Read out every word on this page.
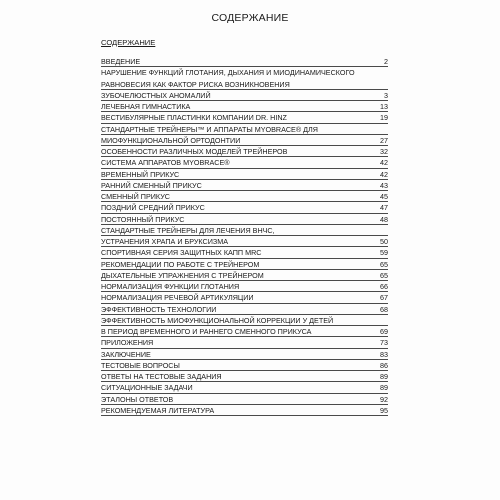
СОДЕРЖАНИЕ
СОДЕРЖАНИЕ
ВВЕДЕНИЕ	2
НАРУШЕНИЕ ФУНКЦИЙ ГЛОТАНИЯ, ДЫХАНИЯ И МИОДИНАМИЧЕСКОГО
РАВНОВЕСИЯ КАК ФАКТОР РИСКА ВОЗНИКНОВЕНИЯ
ЗУБОЧЕЛЮСТНЫХ АНОМАЛИЙ	3
ЛЕЧЕБНАЯ ГИМНАСТИКА	13
ВЕСТИБУЛЯРНЫЕ ПЛАСТИНКИ КОМПАНИИ DR. HINZ	19
СТАНДАРТНЫЕ ТРЕЙНЕРЫ™ И АППАРАТЫ MYOBRACE® ДЛЯ
МИОФУНКЦИОНАЛЬНОЙ ОРТОДОНТИИ	27
ОСОБЕННОСТИ РАЗЛИЧНЫХ МОДЕЛЕЙ ТРЕЙНЕРОВ	32
СИСТЕМА АППАРАТОВ MYOBRACE®	42
ВРЕМЕННЫЙ ПРИКУС	42
РАННИЙ СМЕННЫЙ ПРИКУС	43
СМЕННЫЙ ПРИКУС	45
ПОЗДНИЙ СРЕДНИЙ ПРИКУС	47
ПОСТОЯННЫЙ ПРИКУС	48
СТАНДАРТНЫЕ ТРЕЙНЕРЫ ДЛЯ ЛЕЧЕНИЯ ВНЧС,
УСТРАНЕНИЯ ХРАПА И БРУКСИЗМА	50
СПОРТИВНАЯ СЕРИЯ ЗАЩИТНЫХ КАПП MRC	59
РЕКОМЕНДАЦИИ ПО РАБОТЕ С ТРЕЙНЕРОМ	65
ДЫХАТЕЛЬНЫЕ УПРАЖНЕНИЯ С ТРЕЙНЕРОМ	65
НОРМАЛИЗАЦИЯ ФУНКЦИИ ГЛОТАНИЯ	66
НОРМАЛИЗАЦИЯ РЕЧЕВОЙ АРТИКУЛЯЦИИ	67
ЭФФЕКТИВНОСТЬ ТЕХНОЛОГИИ	68
ЭФФЕКТИВНОСТЬ МИОФУНКЦИОНАЛЬНОЙ КОРРЕКЦИИ У ДЕТЕЙ
В ПЕРИОД ВРЕМЕННОГО И РАННЕГО СМЕННОГО ПРИКУСА	69
ПРИЛОЖЕНИЯ	73
ЗАКЛЮЧЕНИЕ	83
ТЕСТОВЫЕ ВОПРОСЫ	86
ОТВЕТЫ НА ТЕСТОВЫЕ ЗАДАНИЯ	89
СИТУАЦИОННЫЕ ЗАДАЧИ	89
ЭТАЛОНЫ ОТВЕТОВ	92
РЕКОМЕНДУЕМАЯ ЛИТЕРАТУРА	95
